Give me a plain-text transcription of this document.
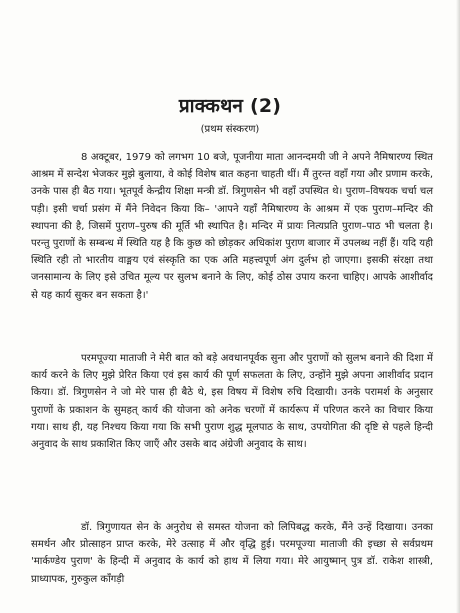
प्राक्कथन (2)
(प्रथम संस्करण)

8 अक्टूबर, 1979 को लगभग 10 बजे, पूजनीया माता आनन्दमयी जी ने अपने नैमिषारण्य स्थित आश्रम में सन्देश भेजकर मुझे बुलाया, वे कोई विशेष बात कहना चाहती थीं। मैं तुरन्त वहाँ गया और प्रणाम करके, उनके पास ही बैठ गया। भूतपूर्व केन्द्रीय शिक्षा मन्त्री डॉ. त्रिगुणसेन भी वहाँ उपस्थित थे। पुराण–विषयक चर्चा चल पड़ी। इसी चर्चा प्रसंग में मैंने निवेदन किया कि– 'आपने यहाँ नैमिषारण्य के आश्रम में एक पुराण–मन्दिर की स्थापना की है, जिसमें पुराण–पुरुष की मूर्ति भी स्थापित है। मन्दिर में प्रायः नित्यप्रति पुराण–पाठ भी चलता है। परन्तु पुराणों के सम्बन्ध में स्थिति यह है कि कुछ को छोड़कर अधिकांश पुराण बाजार में उपलब्ध नहीं हैं। यदि यही स्थिति रही तो भारतीय वाङ्मय एवं संस्कृति का एक अति महत्त्वपूर्ण अंग दुर्लभ हो जाएगा। इसकी संरक्षा तथा जनसामान्य के लिए इसे उचित मूल्य पर सुलभ बनाने के लिए, कोई ठोस उपाय करना चाहिए। आपके आशीर्वाद से यह कार्य सुकर बन सकता है।'

परमपूज्या माताजी ने मेरी बात को बड़े अवधानपूर्वक सुना और पुराणों को सुलभ बनाने की दिशा में कार्य करने के लिए मुझे प्रेरित किया एवं इस कार्य की पूर्ण सफलता के लिए, उन्होंने मुझे अपना आशीर्वाद प्रदान किया। डॉ. त्रिगुणसेन ने जो मेरे पास ही बैठे थे, इस विषय में विशेष रुचि दिखायी। उनके परामर्श के अनुसार पुराणों के प्रकाशन के सुमहत् कार्य की योजना को अनेक चरणों में कार्यरूप में परिणत करने का विचार किया गया। साथ ही, यह निश्चय किया गया कि सभी पुराण शुद्ध मूलपाठ के साथ, उपयोगिता की दृष्टि से पहले हिन्दी अनुवाद के साथ प्रकाशित किए जाएँ और उसके बाद अंग्रेजी अनुवाद के साथ।

डॉ. त्रिगुणायत सेन के अनुरोध से समस्त योजना को लिपिबद्ध करके, मैंने उन्हें दिखाया। उनका समर्थन और प्रोत्साहन प्राप्त करके, मेरे उत्साह में और वृद्धि हुई। परमपूज्या माताजी की इच्छा से सर्वप्रथम 'मार्कण्डेय पुराण' के हिन्दी में अनुवाद के कार्य को हाथ में लिया गया। मेरे आयुष्मान् पुत्र डॉ. राकेश शास्त्री, प्राध्यापक, गुरुकुल काँगड़ी
